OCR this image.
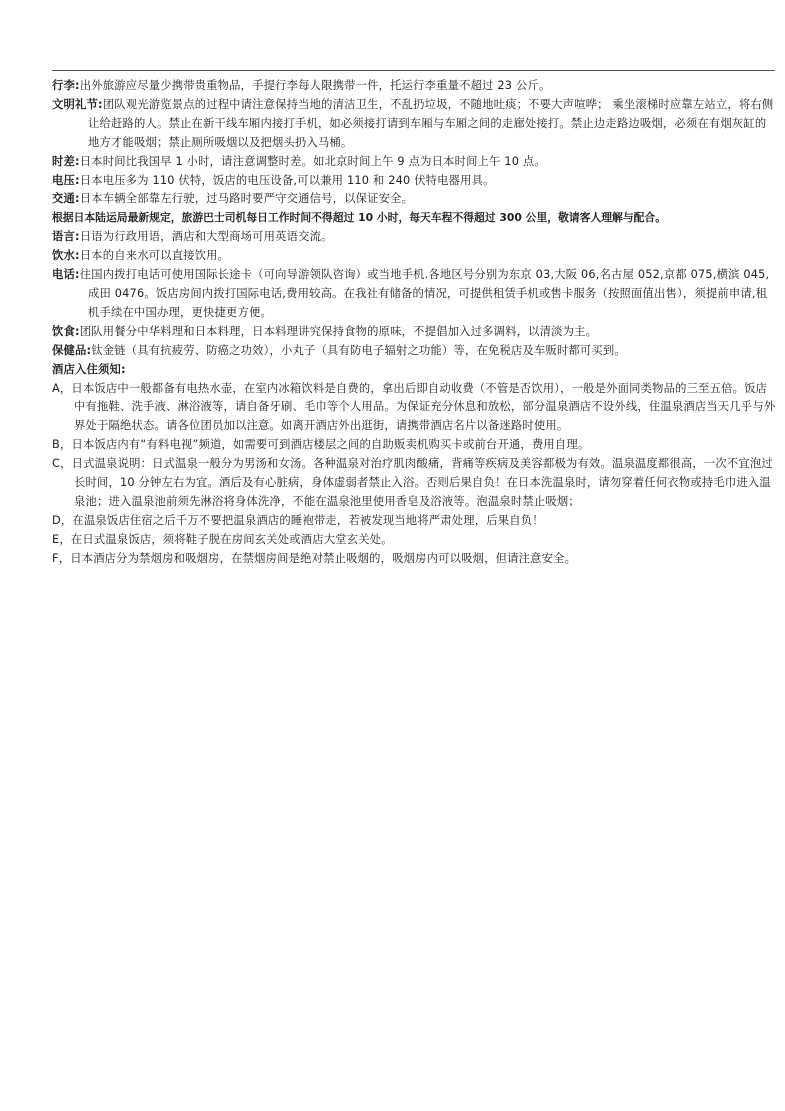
行李:出外旅游应尽量少携带贵重物品，手提行李每人限携带一件，托运行李重量不超过 23 公斤。

文明礼节:团队观光游览景点的过程中请注意保持当地的清洁卫生，不乱扔垃圾，不随地吐痰；不要大声喧哗； 乘坐滚梯时应靠左站立，将右侧让给赶路的人。禁止在新干线车厢内接打手机，如必须接打请到车厢与车厢之间的走廊处接打。禁止边走路边吸烟，必须在有烟灰缸的地方才能吸烟；禁止厕所吸烟以及把烟头扔入马桶。

时差:日本时间比我国早 1 小时，请注意调整时差。如北京时间上午 9 点为日本时间上午 10 点。

电压:日本电压多为 110 伏特，饭店的电压设备,可以兼用 110 和 240 伏特电器用具。

交通:日本车辆全部靠左行驶，过马路时要严守交通信号，以保证安全。

根据日本陆运局最新规定，旅游巴士司机每日工作时间不得超过 10 小时，每天车程不得超过 300 公里，敬请客人理解与配合。

语言:日语为行政用语，酒店和大型商场可用英语交流。

饮水:日本的自来水可以直接饮用。

电话:往国内拨打电话可使用国际长途卡（可向导游领队咨询）或当地手机.各地区号分别为东京 03,大阪 06,名古屋 052,京都 075,横滨 045,成田 0476。饭店房间内拨打国际电话,费用较高。在我社有储备的情况，可提供租赁手机或售卡服务（按照面值出售），须提前申请,租机手续在中国办理，更快捷更方便。

饮食:团队用餐分中华料理和日本料理，日本料理讲究保持食物的原味，不提倡加入过多调料，以清淡为主。

保健品:钛金链（具有抗疲劳、防癌之功效），小丸子（具有防电子辐射之功能）等，在免税店及车贩时都可买到。

酒店入住须知:

A，日本饭店中一般都备有电热水壶，在室内冰箱饮料是自费的，拿出后即自动收费（不管是否饮用），一般是外面同类物品的三至五倍。饭店中有拖鞋、洗手液、淋浴液等，请自备牙刷、毛巾等个人用品。为保证充分休息和放松，部分温泉酒店不设外线，住温泉酒店当天几乎与外界处于隔绝状态。请各位团员加以注意。如离开酒店外出逛街，请携带酒店名片以备迷路时使用。

B，日本饭店内有“有料电视”频道，如需要可到酒店楼层之间的自助贩卖机购买卡或前台开通，费用自理。

C，日式温泉说明：日式温泉一般分为男汤和女汤。各种温泉对治疗肌肉酸痛，背痛等疾病及美容都极为有效。温泉温度都很高，一次不宜泡过长时间，10 分钟左右为宜。酒后及有心脏病，身体虚弱者禁止入浴。否则后果自负！在日本洗温泉时，请勿穿着任何衣物或持毛巾进入温泉池；进入温泉池前须先淋浴将身体洗净，不能在温泉池里使用香皂及浴液等。泡温泉时禁止吸烟；

D，在温泉饭店住宿之后千万不要把温泉酒店的睡袍带走，若被发现当地将严肃处理，后果自负！

E，在日式温泉饭店，须将鞋子脱在房间玄关处或酒店大堂玄关处。

F，日本酒店分为禁烟房和吸烟房，在禁烟房间是绝对禁止吸烟的，吸烟房内可以吸烟，但请注意安全。
